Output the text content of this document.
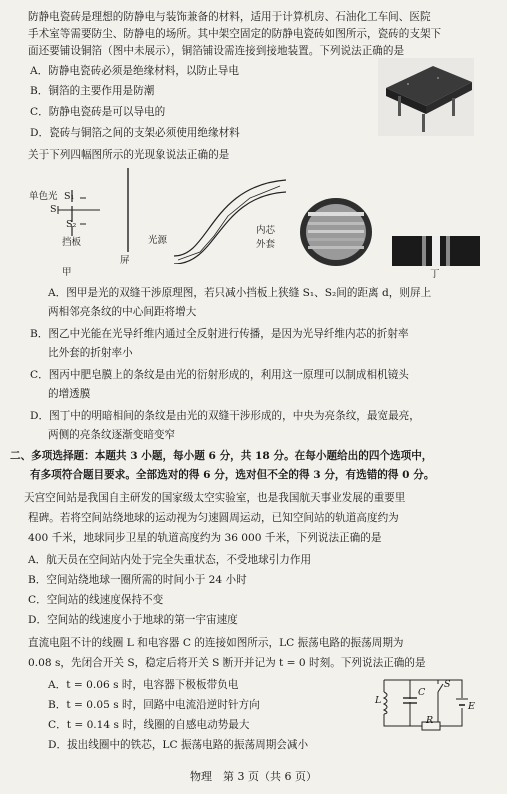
防静电瓷砖是理想的防静电与装饰兼备的材料，适用于计算机房、石油化工车间、医院
手术室等需要防尘、防静电的场所。其中架空固定的防静电瓷砖如图所示，瓷砖的支架下
面还要铺设铜箔（图中未展示），铜箔铺设需连接到接地装置。下列说法正确的是
A．防静电瓷砖必须是绝缘材料，以防止导电
B．铜箔的主要作用是防潮
C．防静电瓷砖是可以导电的
D．瓷砖与铜箔之间的支架必须使用绝缘材料
关于下列四幅图所示的光现象说法正确的是
单色光 S₁
S
S₂
挡板
屏
甲
光源
内芯
外套
丁
A．图甲是光的双缝干涉原理图，若只减小挡板上狭缝 S₁、S₂间的距离 d，则屏上
两相邻亮条纹的中心间距将增大
B．图乙中光能在光导纤维内通过全反射进行传播，是因为光导纤维内芯的折射率
比外套的折射率小
C．图丙中肥皂膜上的条纹是由光的衍射形成的，利用这一原理可以制成相机镜头
的增透膜
D．图丁中的明暗相间的条纹是由光的双缝干涉形成的，中央为亮条纹，最宽最亮，
两侧的亮条纹逐渐变暗变窄
二、多项选择题：本题共 3 小题，每小题 6 分，共 18 分。在每小题给出的四个选项中，
有多项符合题目要求。全部选对的得 6 分，选对但不全的得 3 分，有选错的得 0 分。
天宫空间站是我国自主研发的国家级太空实验室，也是我国航天事业发展的重要里
程碑。若将空间站绕地球的运动视为匀速圆周运动，已知空间站的轨道高度约为
400 千米，地球同步卫星的轨道高度约为 36 000 千米，下列说法正确的是
A．航天员在空间站内处于完全失重状态，不受地球引力作用
B．空间站绕地球一圈所需的时间小于 24 小时
C．空间站的线速度保持不变
D．空间站的线速度小于地球的第一宇宙速度
直流电阻不计的线圈 L 和电容器 C 的连接如图所示，LC 振荡电路的振荡周期为
0.08 s，先闭合开关 S，稳定后将开关 S 断开并记为 t = 0 时刻。下列说法正确的是
A．t = 0.06 s 时，电容器下极板带负电
B．t = 0.05 s 时，回路中电流沿逆时针方向
C．t = 0.14 s 时，线圈的自感电动势最大
D．拔出线圈中的铁芯，LC 振荡电路的振荡周期会减小
L
C
S
E
R
物理　第 3 页（共 6 页）
